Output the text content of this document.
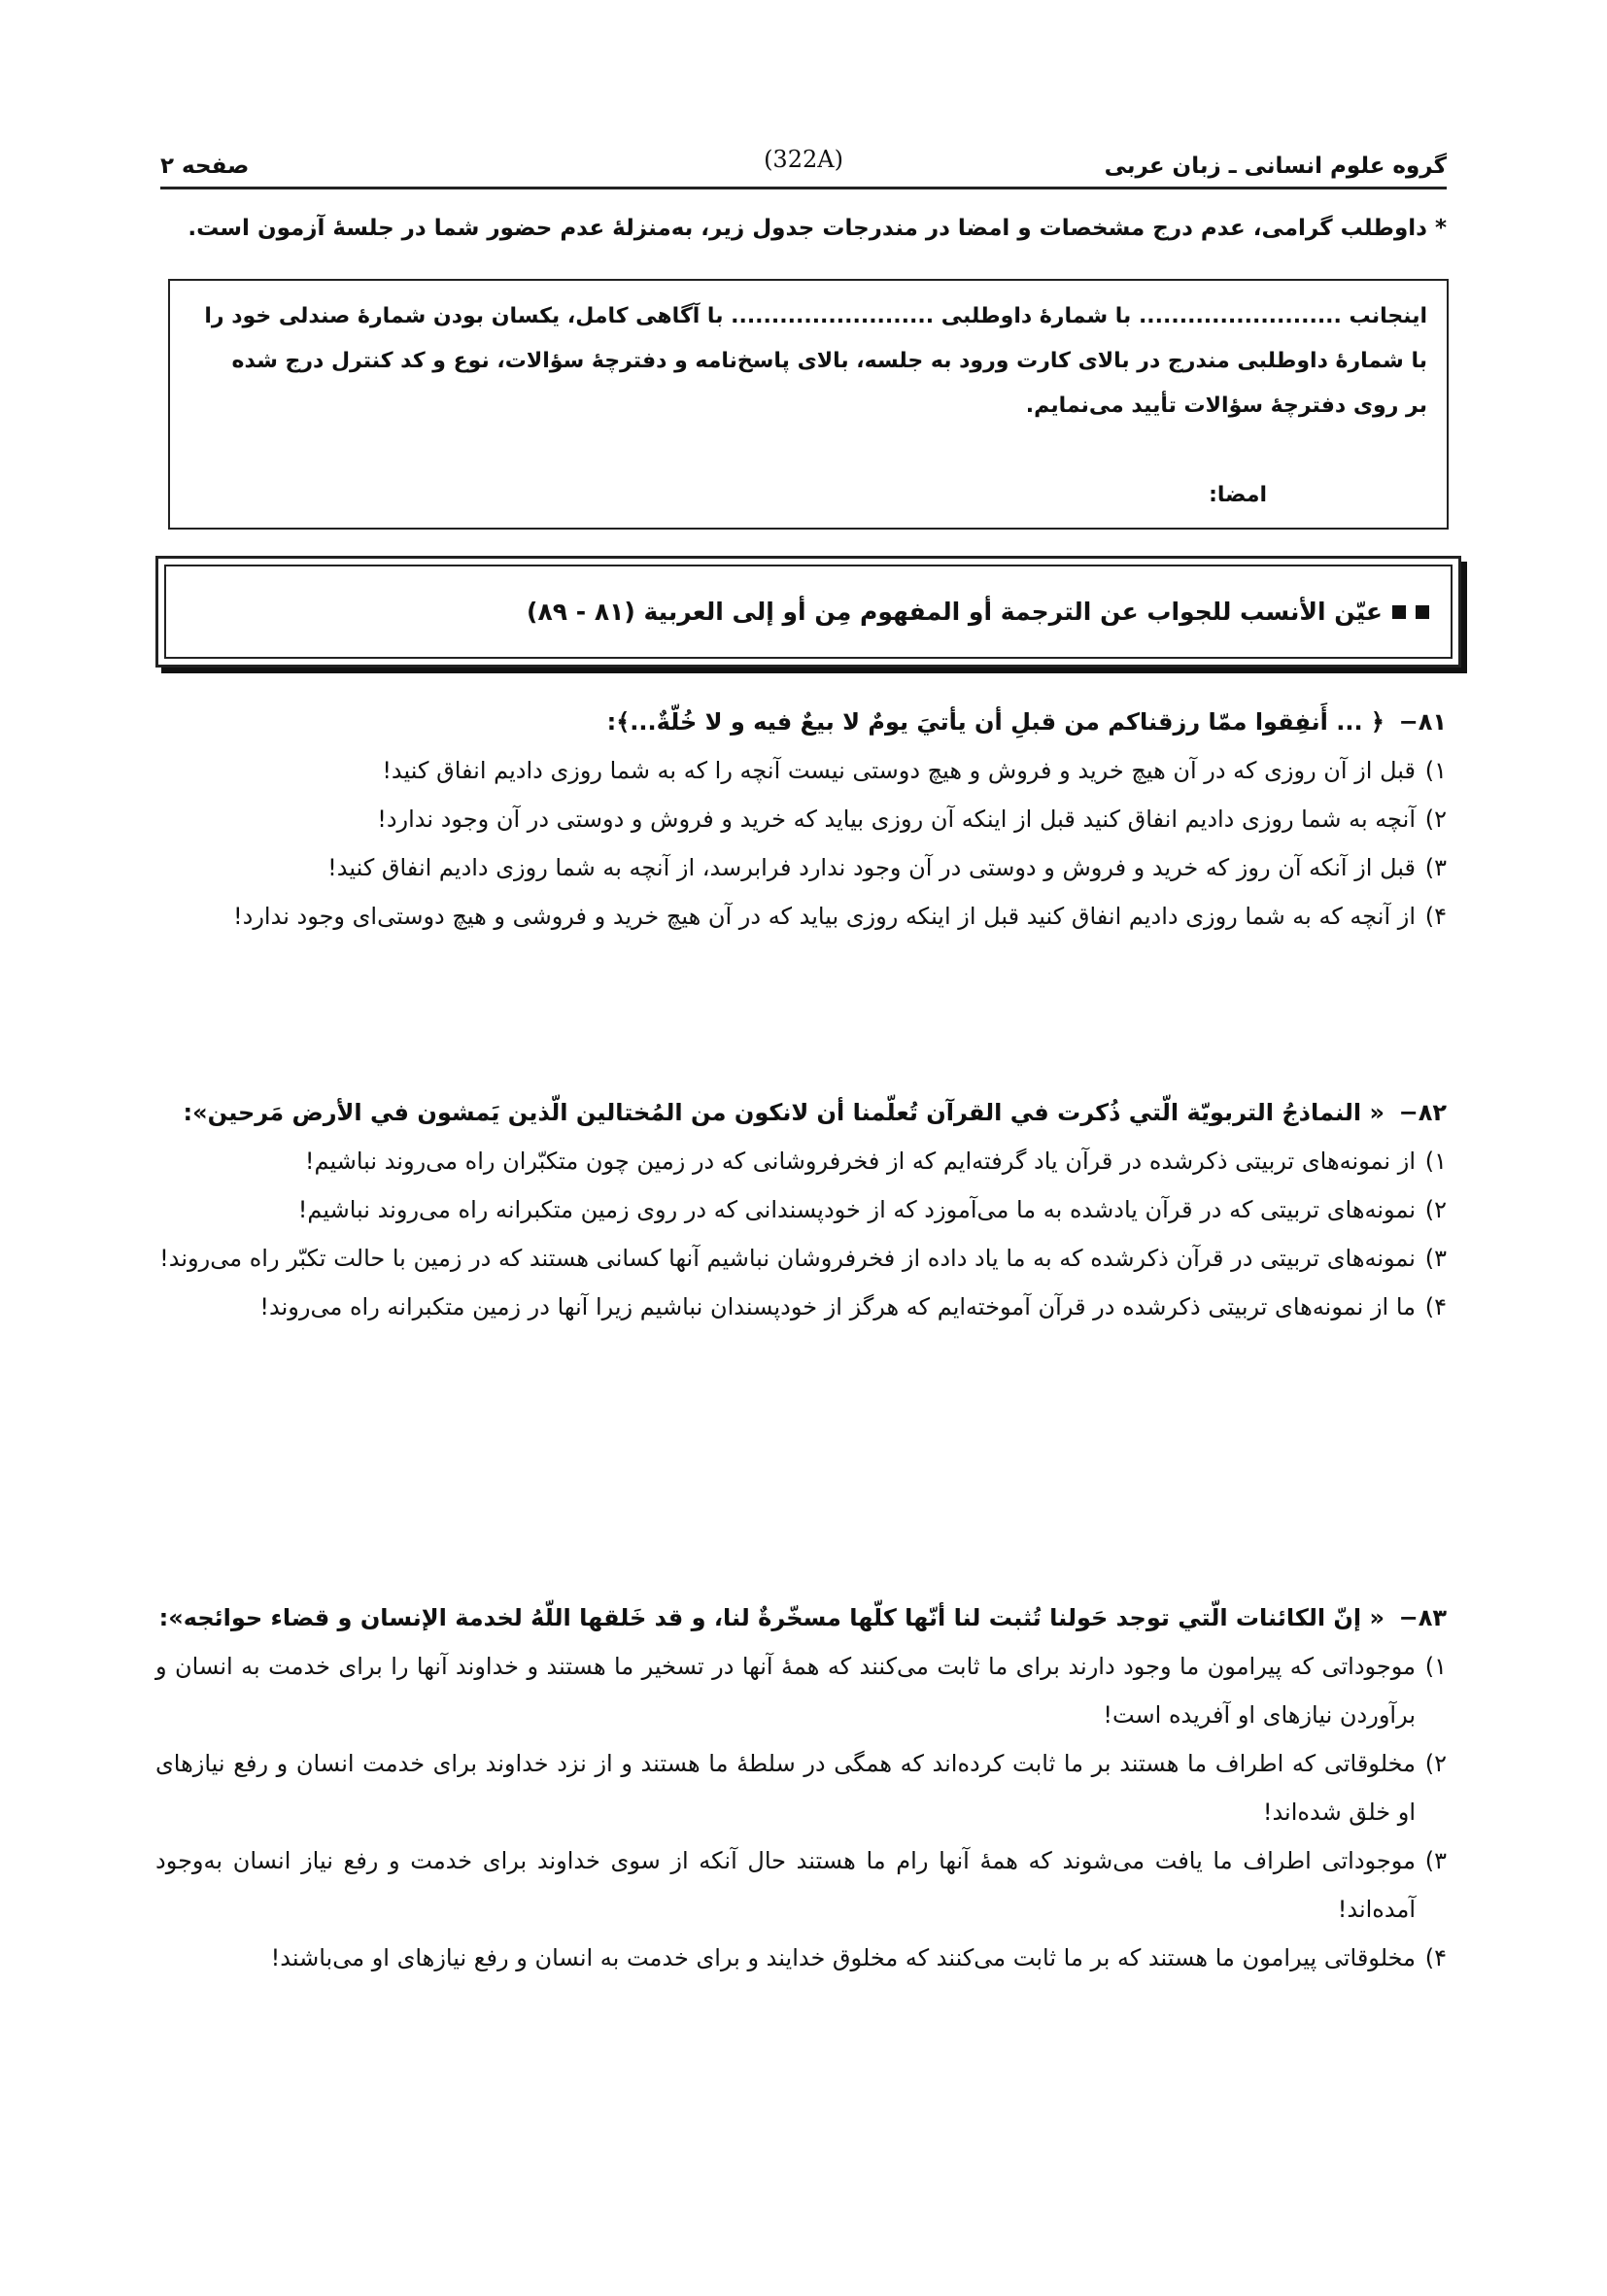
گروه علوم انسانی ـ زبان عربی
(322A)
صفحه ۲
* داوطلب گرامی، عدم درج مشخصات و امضا در مندرجات جدول زیر، به‌منزلهٔ عدم حضور شما در جلسهٔ آزمون است.
اینجانب ......................... با شمارهٔ داوطلبی ......................... با آگاهی کامل، یکسان بودن شمارهٔ صندلی خود را
با شمارهٔ داوطلبی مندرج در بالای کارت ورود به جلسه، بالای پاسخ‌نامه و دفترچهٔ سؤالات، نوع و کد کنترل درج شده
بر روی دفترچهٔ سؤالات تأیید می‌نمایم.
امضا:
عیّن الأنسب للجواب عن الترجمة أو المفهوم مِن أو إلی العربیة (۸۱ - ۸۹)
۸۱−
﴿ ... أَنفِقوا ممّا رزقناکم من قبلِ أن یأتيَ یومٌ لا بیعٌ فیه و لا خُلّةٌ...﴾:
۱)
قبل از آن روزی که در آن هیچ خرید و فروش و هیچ دوستی نیست آنچه را که به شما روزی دادیم انفاق کنید!
۲)
آنچه به شما روزی دادیم انفاق کنید قبل از اینکه آن روزی بیاید که خرید و فروش و دوستی در آن وجود ندارد!
۳)
قبل از آنکه آن روز که خرید و فروش و دوستی در آن وجود ندارد فرابرسد، از آنچه به شما روزی دادیم انفاق کنید!
۴)
از آنچه که به شما روزی دادیم انفاق کنید قبل از اینکه روزی بیاید که در آن هیچ خرید و فروشی و هیچ دوستی‌ای وجود ندارد!
۸۲−
« النماذجُ التربویّة الّتي ذُکرت في القرآن تُعلّمنا أن لانکون من المُختالین الّذین یَمشون في الأرض مَرحین»:
۱)
از نمونه‌های تربیتی ذکرشده در قرآن یاد گرفته‌ایم که از فخرفروشانی که در زمین چون متکبّران راه می‌روند نباشیم!
۲)
نمونه‌های تربیتی که در قرآن یادشده به ما می‌آموزد که از خودپسندانی که در روی زمین متکبرانه راه می‌روند نباشیم!
۳)
نمونه‌های تربیتی در قرآن ذکرشده که به ما یاد داده از فخرفروشان نباشیم آنها کسانی هستند که در زمین با حالت تکبّر راه می‌روند!
۴)
ما از نمونه‌های تربیتی ذکرشده در قرآن آموخته‌ایم که هرگز از خودپسندان نباشیم زیرا آنها در زمین متکبرانه راه می‌روند!
۸۳−
« إنّ الکائنات الّتي توجد حَولنا تُثبت لنا أنّها کلّها مسخّرةٌ لنا، و قد خَلقها اللّهُ لخدمة الإنسان و قضاء حوائجه»:
۱)
موجوداتی که پیرامون ما وجود دارند برای ما ثابت می‌کنند که همهٔ آنها در تسخیر ما هستند و خداوند آنها را برای خدمت به انسان و برآوردن نیازهای او آفریده است!
۲)
مخلوقاتی که اطراف ما هستند بر ما ثابت کرده‌اند که همگی در سلطهٔ ما هستند و از نزد خداوند برای خدمت انسان و رفع نیازهای او خلق شده‌اند!
۳)
موجوداتی اطراف ما یافت می‌شوند که همهٔ آنها رام ما هستند حال آنکه از سوی خداوند برای خدمت و رفع نیاز انسان به‌وجود آمده‌اند!
۴)
مخلوقاتی پیرامون ما هستند که بر ما ثابت می‌کنند که مخلوق خدایند و برای خدمت به انسان و رفع نیازهای او می‌باشند!
